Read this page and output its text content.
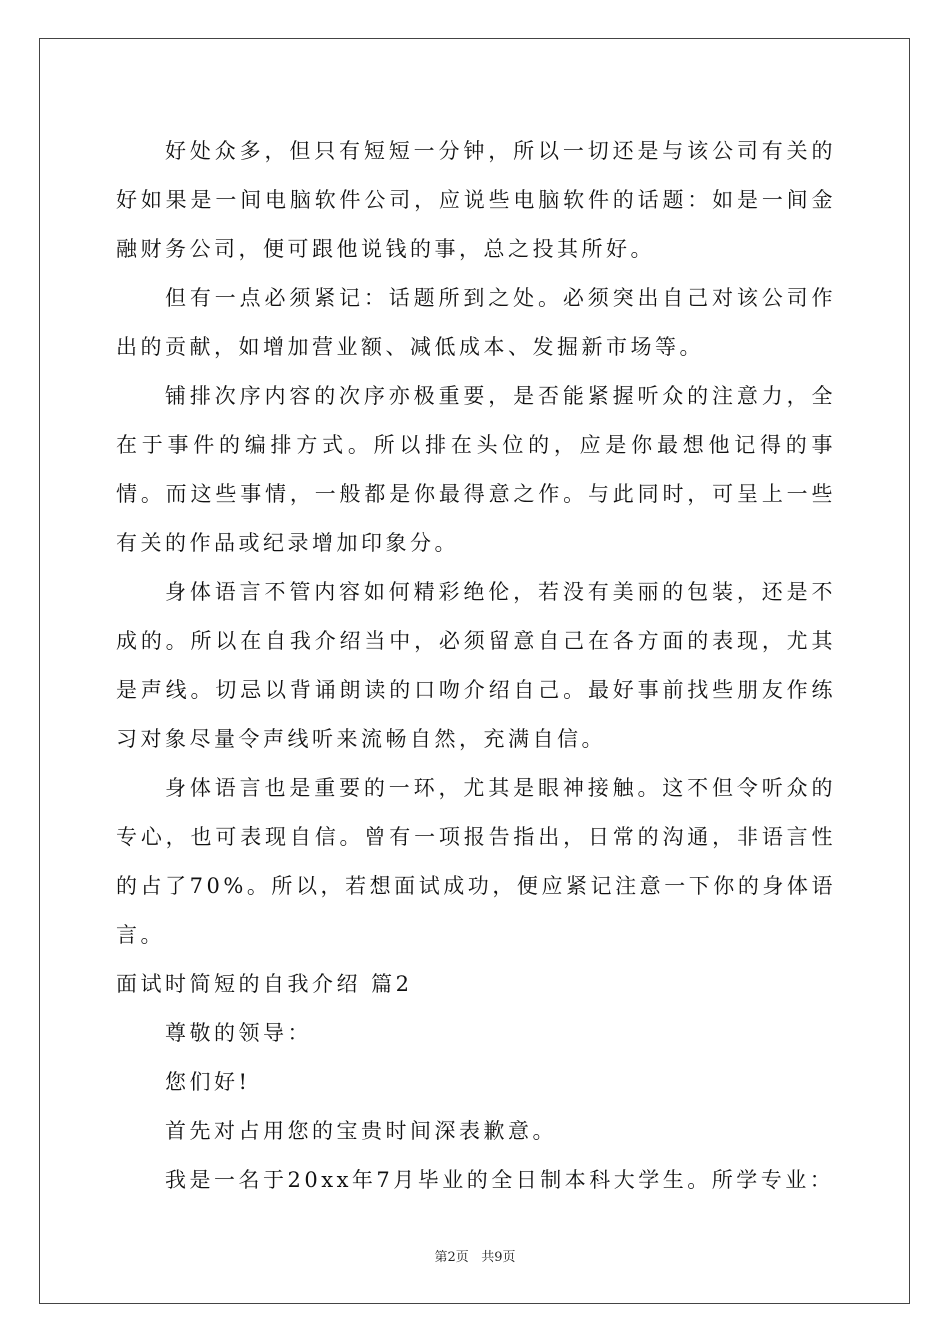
好处众多，但只有短短一分钟，所以一切还是与该公司有关的好如果是一间电脑软件公司，应说些电脑软件的话题：如是一间金融财务公司，便可跟他说钱的事，总之投其所好。

但有一点必须紧记：话题所到之处。必须突出自己对该公司作出的贡献，如增加营业额、减低成本、发掘新市场等。

铺排次序内容的次序亦极重要，是否能紧握听众的注意力，全在于事件的编排方式。所以排在头位的，应是你最想他记得的事情。而这些事情，一般都是你最得意之作。与此同时，可呈上一些有关的作品或纪录增加印象分。

身体语言不管内容如何精彩绝伦，若没有美丽的包装，还是不成的。所以在自我介绍当中，必须留意自己在各方面的表现，尤其是声线。切忌以背诵朗读的口吻介绍自己。最好事前找些朋友作练习对象尽量令声线听来流畅自然，充满自信。

身体语言也是重要的一环，尤其是眼神接触。这不但令听众的专心，也可表现自信。曾有一项报告指出，日常的沟通，非语言性的占了70%。所以，若想面试成功，便应紧记注意一下你的身体语言。

面试时简短的自我介绍 篇2

尊敬的领导：

您们好!

首先对占用您的宝贵时间深表歉意。

我是一名于20xx年7月毕业的全日制本科大学生。所学专业：

第2页 共9页
